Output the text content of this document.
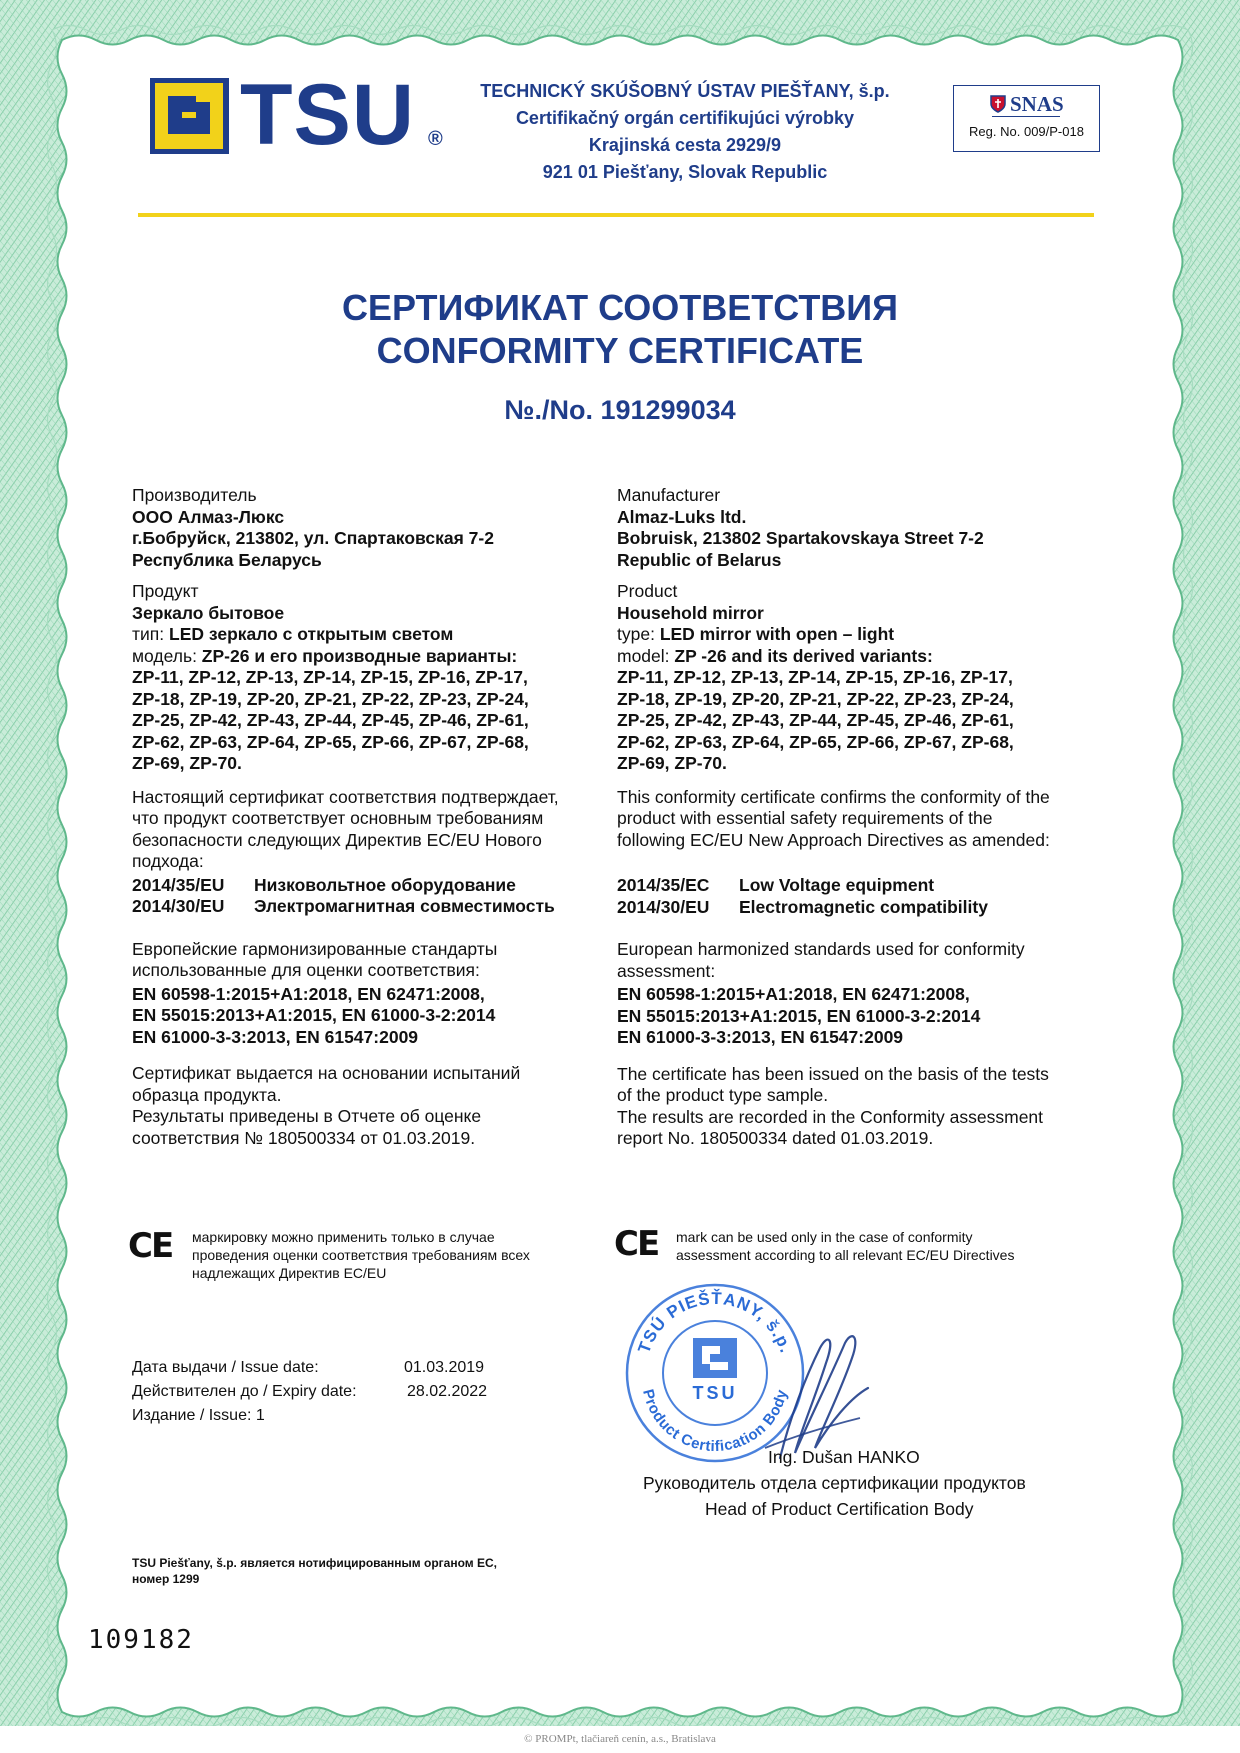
TSU ®
TECHNICKÝ SKÚŠOBNÝ ÚSTAV PIEŠŤANY, š.p.
Certifikačný orgán certifikujúci výrobky
Krajinská cesta 2929/9
921 01 Piešťany, Slovak Republic
SNAS
Reg. No. 009/P-018
СЕРТИФИКАТ СООТВЕТСТВИЯ
CONFORMITY CERTIFICATE
№./No. 191299034
Производитель
ООО Алмаз-Люкс
г.Бобруйск, 213802, ул. Спартаковская 7-2
Республика Беларусь
Продукт
Зеркало бытовое
тип: LED зеркало с открытым светом
модель: ZP-26 и его производные варианты:
ZP-11, ZP-12, ZP-13, ZP-14, ZP-15, ZP-16, ZP-17,
ZP-18, ZP-19, ZP-20, ZP-21, ZP-22, ZP-23, ZP-24,
ZP-25, ZP-42, ZP-43, ZP-44, ZP-45, ZP-46, ZP-61,
ZP-62, ZP-63, ZP-64, ZP-65, ZP-66, ZP-67, ZP-68,
ZP-69, ZP-70.
Настоящий сертификат соответствия подтверждает,
что продукт соответствует основным требованиям
безопасности следующих Директив ЕС/EU Нового
подхода:
2014/35/EU	Низковольтное оборудование
2014/30/EU	Электромагнитная совместимость
Европейские гармонизированные стандарты
использованные для оценки соответствия:
EN 60598-1:2015+A1:2018, EN 62471:2008,
EN 55015:2013+A1:2015, EN 61000-3-2:2014
EN 61000-3-3:2013, EN 61547:2009
Сертификат выдается на основании испытаний
образца продукта.
Результаты приведены в Отчете об оценке
соответствия № 180500334 от 01.03.2019.
Manufacturer
Almaz-Luks ltd.
Bobruisk, 213802 Spartakovskaya Street 7-2
Republic of Belarus
Product
Household mirror
type: LED mirror with open – light
model: ZP -26 and its derived variants:
ZP-11, ZP-12, ZP-13, ZP-14, ZP-15, ZP-16, ZP-17,
ZP-18, ZP-19, ZP-20, ZP-21, ZP-22, ZP-23, ZP-24,
ZP-25, ZP-42, ZP-43, ZP-44, ZP-45, ZP-46, ZP-61,
ZP-62, ZP-63, ZP-64, ZP-65, ZP-66, ZP-67, ZP-68,
ZP-69, ZP-70.
This conformity certificate confirms the conformity of the
product with essential safety requirements of the
following EC/EU New Approach Directives as amended:
2014/35/EC	Low Voltage equipment
2014/30/EU	Electromagnetic compatibility
European harmonized standards used for conformity
assessment:
EN 60598-1:2015+A1:2018, EN 62471:2008,
EN 55015:2013+A1:2015, EN 61000-3-2:2014
EN 61000-3-3:2013, EN 61547:2009
The certificate has been issued on the basis of the tests
of the product type sample.
The results are recorded in the Conformity assessment
report No. 180500334 dated 01.03.2019.
CE маркировку можно применить только в случае
проведения оценки соответствия требованиям всех
надлежащих Директив ЕС/EU
CE mark can be used only in the case of conformity
assessment according to all relevant EC/EU Directives
Дата выдачи / Issue date:	01.03.2019
Действителен до / Expiry date:	28.02.2022
Издание / Issue: 1
TSÚ PIEŠŤANY, š.p.
Product Certification Body
TSU
Ing. Dušan HANKO
Руководитель отдела сертификации продуктов
Head of Product Certification Body
TSU Piešťany, š.p. является нотифицированным органом ЕС,
номер 1299
109182
© PROMPt, tlačiareň cenín, a.s., Bratislava
